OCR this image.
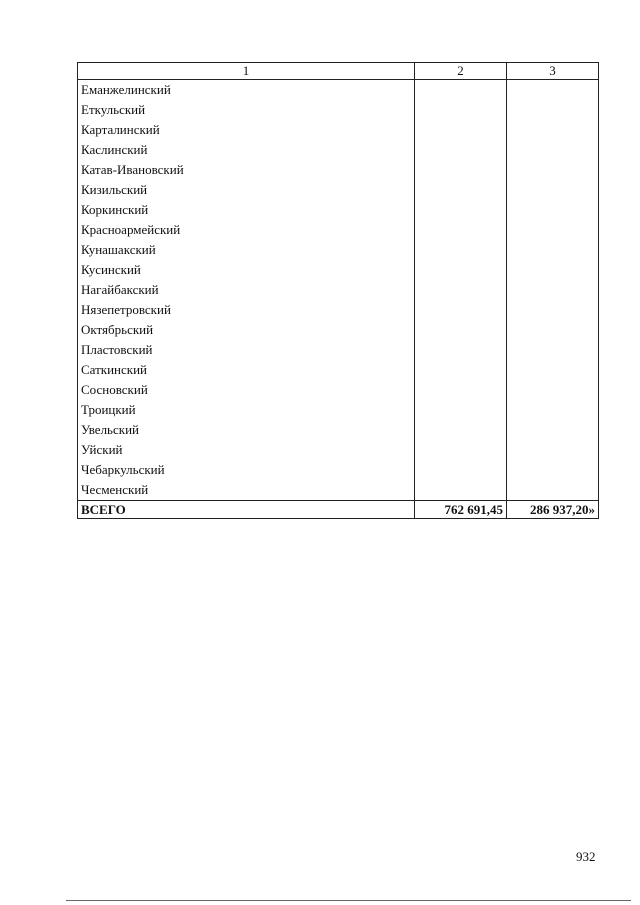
1	2	3
Еманжелинский		
Еткульский		
Карталинский		
Каслинский		
Катав-Ивановский		
Кизильский		
Коркинский		
Красноармейский		
Кунашакский		
Кусинский		
Нагайбакский		
Нязепетровский		
Октябрьский		
Пластовский		
Саткинский		
Сосновский		
Троицкий		
Увельский		
Уйский		
Чебаркульский		
Чесменский		
ВСЕГО	762 691,45	286 937,20»
932
